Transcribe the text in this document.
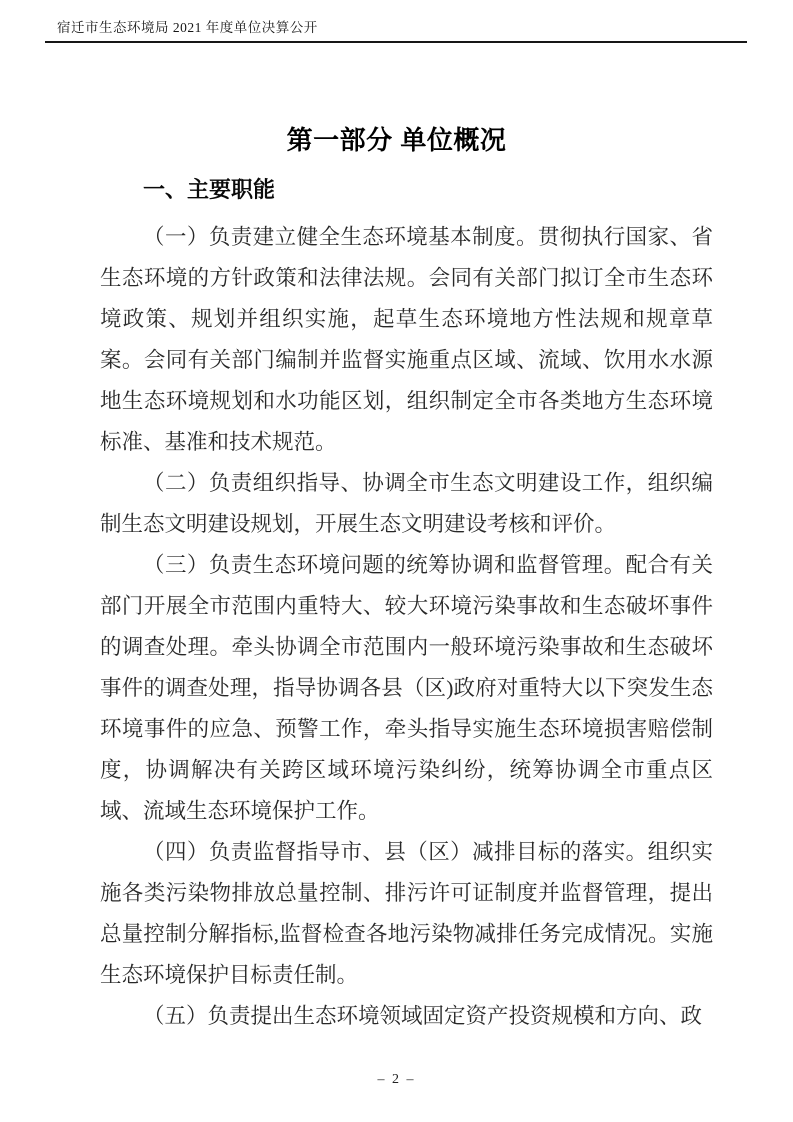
宿迁市生态环境局 2021 年度单位决算公开
第一部分 单位概况
一、主要职能

（一）负责建立健全生态环境基本制度。贯彻执行国家、省生态环境的方针政策和法律法规。会同有关部门拟订全市生态环境政策、规划并组织实施，起草生态环境地方性法规和规章草案。会同有关部门编制并监督实施重点区域、流域、饮用水水源地生态环境规划和水功能区划，组织制定全市各类地方生态环境标准、基准和技术规范。

（二）负责组织指导、协调全市生态文明建设工作，组织编制生态文明建设规划，开展生态文明建设考核和评价。

（三）负责生态环境问题的统筹协调和监督管理。配合有关部门开展全市范围内重特大、较大环境污染事故和生态破坏事件的调查处理。牵头协调全市范围内一般环境污染事故和生态破坏事件的调查处理，指导协调各县（区)政府对重特大以下突发生态环境事件的应急、预警工作，牵头指导实施生态环境损害赔偿制度，协调解决有关跨区域环境污染纠纷，统筹协调全市重点区域、流域生态环境保护工作。

（四）负责监督指导市、县（区）减排目标的落实。组织实施各类污染物排放总量控制、排污许可证制度并监督管理，提出总量控制分解指标,监督检查各地污染物减排任务完成情况。实施生态环境保护目标责任制。

（五）负责提出生态环境领域固定资产投资规模和方向、政

– 2 –
